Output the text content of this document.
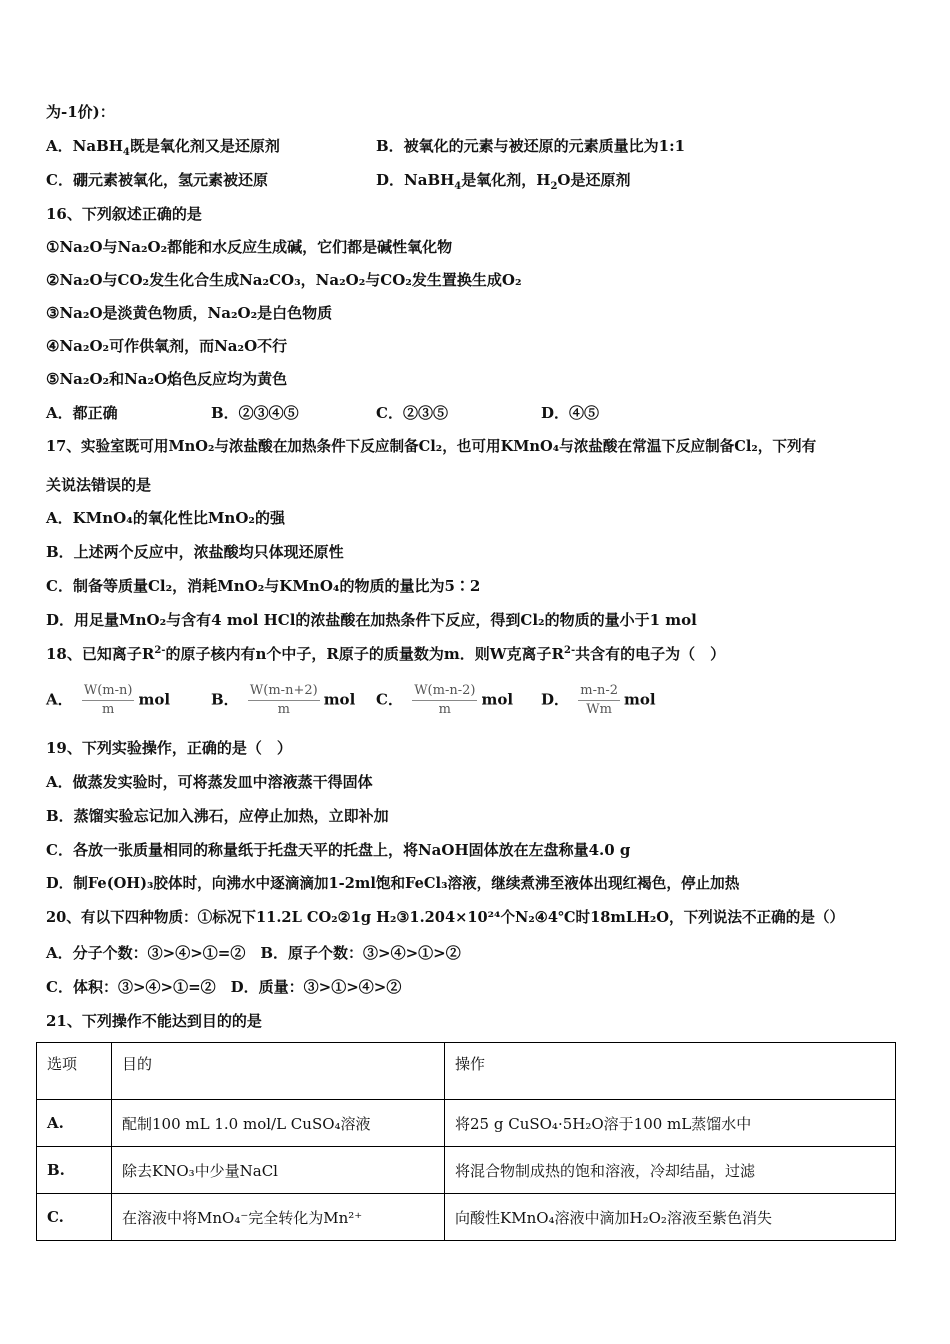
为-1价)：
A．NaBH$_4$既是氧化剂又是还原剂	B．被氧化的元素与被还原的元素质量比为1:1
C．硼元素被氧化，氢元素被还原	D．NaBH$_4$是氧化剂，$H_2O$是还原剂
16、下列叙述正确的是
①Na₂O与Na₂O₂都能和水反应生成碱，它们都是碱性氧化物
②Na₂O与CO₂发生化合生成Na₂CO₃，Na₂O₂与CO₂发生置换生成O₂
③Na₂O是淡黄色物质，Na₂O₂是白色物质
④Na₂O₂可作供氧剂，而Na₂O不行
⑤Na₂O₂和Na₂O焰色反应均为黄色
A．都正确	B．②③④⑤	C．②③⑤	D．④⑤
17、实验室既可用MnO₂与浓盐酸在加热条件下反应制备Cl₂，也可用KMnO₄与浓盐酸在常温下反应制备Cl₂，下列有
关说法错误的是
A．KMnO₄的氧化性比MnO₂的强
B．上述两个反应中，浓盐酸均只体现还原性
C．制备等质量Cl₂，消耗MnO₂与KMnO₄的物质的量比为5∶2
D．用足量MnO₂与含有4 mol HCl的浓盐酸在加热条件下反应，得到Cl₂的物质的量小于1 mol
18、已知离子$R^{2-}$的原子核内有n个中子，R原子的质量数为m．则W克离子$R^{2-}$共含有的电子为（　）
A． $\frac{W(m-n)}{m}$ mol	B． $\frac{W(m-n+2)}{m}$ mol C． $\frac{W(m-n-2)}{m}$ mol D． $\frac{m-n-2}{Wm}$ mol
19、下列实验操作，正确的是（　）
A．做蒸发实验时，可将蒸发皿中溶液蒸干得固体
B．蒸馏实验忘记加入沸石，应停止加热，立即补加
C．各放一张质量相同的称量纸于托盘天平的托盘上，将NaOH固体放在左盘称量4.0 g
D．制Fe(OH)₃胶体时，向沸水中逐滴滴加1-2ml饱和FeCl₃溶液，继续煮沸至液体出现红褐色，停止加热
20、有以下四种物质：①标况下11.2L CO₂②1g H₂③1.204×10²⁴个N₂④4℃时18mLH₂O，下列说法不正确的是（）
A．分子个数：③>④>①=②　B．原子个数：③>④>①>②
C．体积：③>④>①=②　D．质量：③>①>④>②
21、下列操作不能达到目的的是
选项	目的	操作
A.	配制100 mL 1.0 mol/L CuSO₄溶液	将25 g CuSO₄·5H₂O溶于100 mL蒸馏水中
B.	除去KNO₃中少量NaCl	将混合物制成热的饱和溶液，冷却结晶，过滤
C.	在溶液中将MnO₄⁻完全转化为Mn²⁺	向酸性KMnO₄溶液中滴加H₂O₂溶液至紫色消失
